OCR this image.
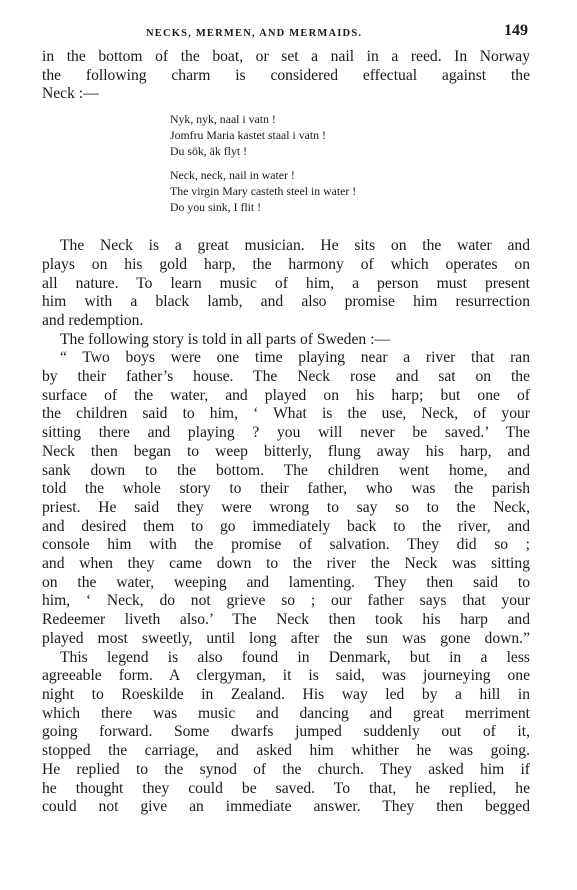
NECKS, MERMEN, AND MERMAIDS.	149
in the bottom of the boat, or set a nail in a reed. In Norway
the following charm is considered effectual against the
Neck :—
Nyk, nyk, naal i vatn !
Jomfru Maria kastet staal i vatn !
Du sök, äk flyt !
Neck, neck, nail in water !
The virgin Mary casteth steel in water !
Do you sink, I flit !
The Neck is a great musician. He sits on the water and
plays on his gold harp, the harmony of which operates on
all nature. To learn music of him, a person must present
him with a black lamb, and also promise him resurrection
and redemption.
The following story is told in all parts of Sweden :—
“ Two boys were one time playing near a river that ran
by their father’s house. The Neck rose and sat on the
surface of the water, and played on his harp; but one of
the children said to him, ‘ What is the use, Neck, of your
sitting there and playing ? you will never be saved.’ The
Neck then began to weep bitterly, flung away his harp, and
sank down to the bottom. The children went home, and
told the whole story to their father, who was the parish
priest. He said they were wrong to say so to the Neck,
and desired them to go immediately back to the river, and
console him with the promise of salvation. They did so ;
and when they came down to the river the Neck was sitting
on the water, weeping and lamenting. They then said to
him, ‘ Neck, do not grieve so ; our father says that your
Redeemer liveth also.’ The Neck then took his harp and
played most sweetly, until long after the sun was gone down.”
This legend is also found in Denmark, but in a less
agreeable form. A clergyman, it is said, was journeying one
night to Roeskilde in Zealand. His way led by a hill in
which there was music and dancing and great merriment
going forward. Some dwarfs jumped suddenly out of it,
stopped the carriage, and asked him whither he was going.
He replied to the synod of the church. They asked him if
he thought they could be saved. To that, he replied, he
could not give an immediate answer. They then begged
